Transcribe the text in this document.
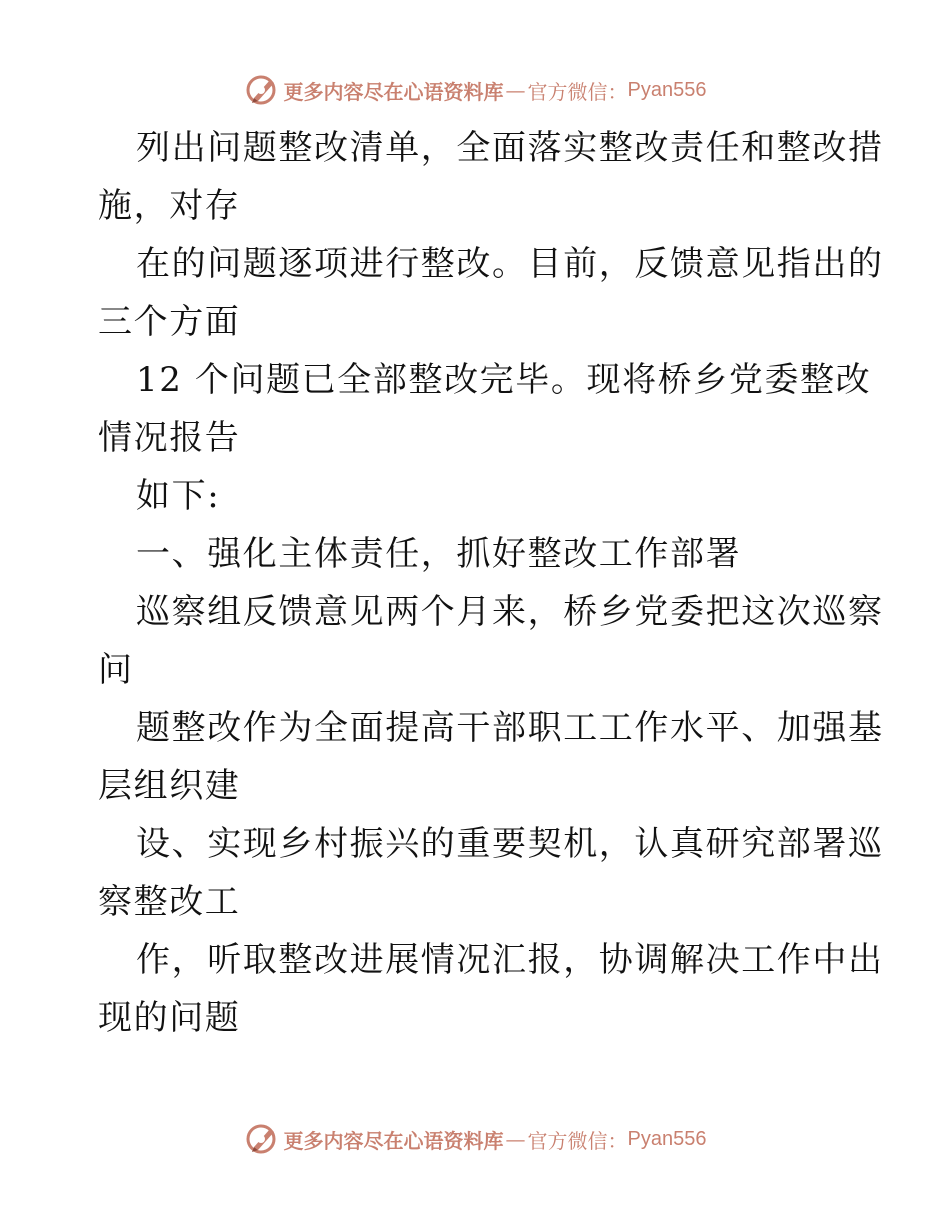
更多内容尽在心语资料库 — 官方微信： Pyan556
列出问题整改清单，全面落实整改责任和整改措
施，对存
在的问题逐项进行整改。目前，反馈意见指出的
三个方面
12 个问题已全部整改完毕。现将桥乡党委整改
情况报告
如下:
一、强化主体责任，抓好整改工作部署
巡察组反馈意见两个月来，桥乡党委把这次巡察
问
题整改作为全面提高干部职工工作水平、加强基
层组织建
设、实现乡村振兴的重要契机，认真研究部署巡
察整改工
作，听取整改进展情况汇报，协调解决工作中出
现的问题
更多内容尽在心语资料库 — 官方微信： Pyan556
